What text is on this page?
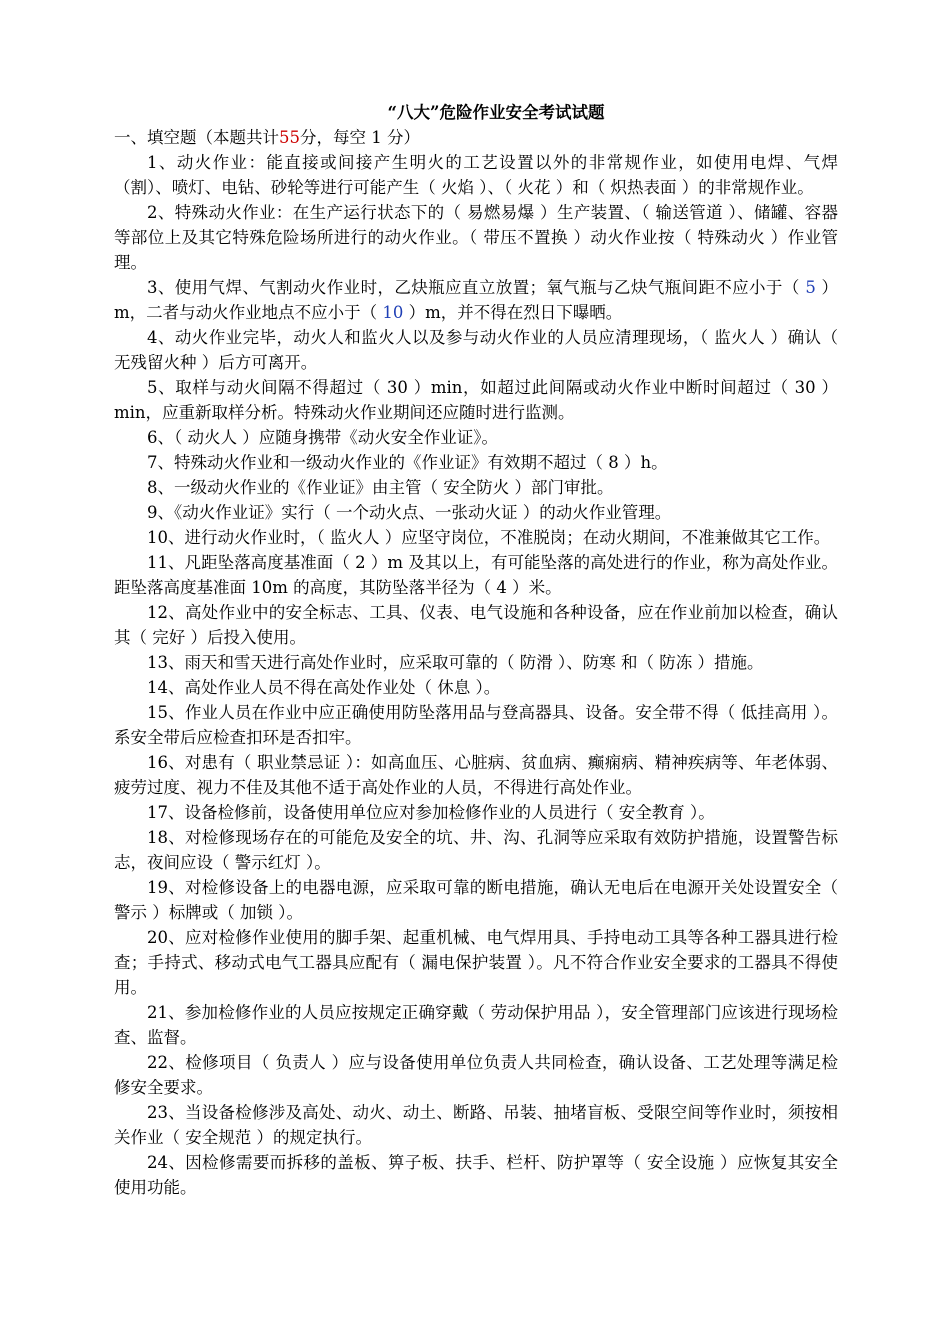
“八大”危险作业安全考试试题

一、填空题（本题共计55分，每空 1 分）

1、动火作业：能直接或间接产生明火的工艺设置以外的非常规作业，如使用电焊、气焊（割）、喷灯、电钻、砂轮等进行可能产生（ 火焰 ）、（ 火花 ）和（ 炽热表面 ）的非常规作业。

2、特殊动火作业：在生产运行状态下的（ 易燃易爆 ）生产装置、（ 输送管道 ）、储罐、容器等部位上及其它特殊危险场所进行的动火作业。（ 带压不置换 ）动火作业按（ 特殊动火 ）作业管理。

3、使用气焊、气割动火作业时，乙炔瓶应直立放置；氧气瓶与乙炔气瓶间距不应小于（ 5 ）m，二者与动火作业地点不应小于（ 10 ）m，并不得在烈日下曝晒。

4、动火作业完毕，动火人和监火人以及参与动火作业的人员应清理现场，（ 监火人 ）确认（ 无残留火种 ）后方可离开。

5、取样与动火间隔不得超过（ 30 ）min，如超过此间隔或动火作业中断时间超过（ 30 ） min，应重新取样分析。特殊动火作业期间还应随时进行监测。

6、（ 动火人 ）应随身携带《动火安全作业证》。

7、特殊动火作业和一级动火作业的《作业证》有效期不超过（ 8 ）h。

8、一级动火作业的《作业证》由主管（ 安全防火 ）部门审批。

9、《动火作业证》实行（ 一个动火点、一张动火证 ）的动火作业管理。

10、进行动火作业时，（ 监火人 ）应坚守岗位，不准脱岗；在动火期间，不准兼做其它工作。

11、凡距坠落高度基准面（ 2 ）m 及其以上，有可能坠落的高处进行的作业，称为高处作业。距坠落高度基准面 10m 的高度，其防坠落半径为（ 4 ）米。

12、高处作业中的安全标志、工具、仪表、电气设施和各种设备，应在作业前加以检查，确认其（ 完好 ）后投入使用。

13、雨天和雪天进行高处作业时，应采取可靠的（ 防滑 ）、防寒 和（ 防冻 ）措施。

14、高处作业人员不得在高处作业处（ 休息 ）。

15、作业人员在作业中应正确使用防坠落用品与登高器具、设备。安全带不得（ 低挂高用 ）。系安全带后应检查扣环是否扣牢。

16、对患有（ 职业禁忌证 ）：如高血压、心脏病、贫血病、癫痫病、精神疾病等、年老体弱、疲劳过度、视力不佳及其他不适于高处作业的人员，不得进行高处作业。

17、设备检修前，设备使用单位应对参加检修作业的人员进行（ 安全教育 ）。

18、对检修现场存在的可能危及安全的坑、井、沟、孔洞等应采取有效防护措施，设置警告标志，夜间应设（ 警示红灯 ）。

19、对检修设备上的电器电源，应采取可靠的断电措施，确认无电后在电源开关处设置安全（ 警示 ）标牌或（ 加锁 ）。

20、应对检修作业使用的脚手架、起重机械、电气焊用具、手持电动工具等各种工器具进行检查；手持式、移动式电气工器具应配有（ 漏电保护装置 ）。凡不符合作业安全要求的工器具不得使用。

21、参加检修作业的人员应按规定正确穿戴（ 劳动保护用品 ），安全管理部门应该进行现场检查、监督。

22、检修项目（ 负责人 ）应与设备使用单位负责人共同检查，确认设备、工艺处理等满足检修安全要求。

23、当设备检修涉及高处、动火、动土、断路、吊装、抽堵盲板、受限空间等作业时，须按相关作业（ 安全规范 ）的规定执行。

24、因检修需要而拆移的盖板、箅子板、扶手、栏杆、防护罩等（ 安全设施 ）应恢复其安全使用功能。
